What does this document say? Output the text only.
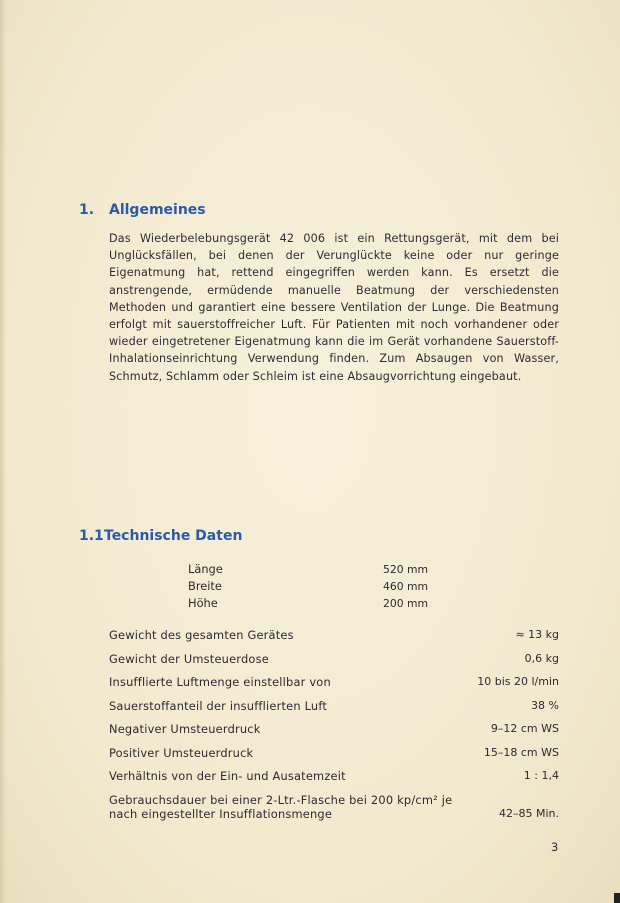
1. Allgemeines

Das Wiederbelebungsgerät 42 006 ist ein Rettungsgerät, mit dem bei Unglücksfällen, bei denen der Verunglückte keine oder nur geringe Eigenatmung hat, rettend eingegriffen werden kann. Es ersetzt die anstrengende, ermüdende manuelle Beatmung der verschiedensten Methoden und garantiert eine bessere Ventilation der Lunge. Die Beatmung erfolgt mit sauerstoffreicher Luft. Für Patienten mit noch vorhandener oder wieder eingetretener Eigenatmung kann die im Gerät vorhandene Sauerstoff-Inhalationseinrichtung Verwendung finden. Zum Absaugen von Wasser, Schmutz, Schlamm oder Schleim ist eine Absaugvorrichtung eingebaut.

1.1Technische Daten
Länge	520 mm
Breite	460 mm
Höhe	200 mm
Gewicht des gesamten Gerätes	≈ 13 kg
Gewicht der Umsteuerdose	0,6 kg
Insufflierte Luftmenge einstellbar von	10 bis 20 l/min
Sauerstoffanteil der insufflierten Luft	38 %
Negativer Umsteuerdruck	9–12 cm WS
Positiver Umsteuerdruck	15–18 cm WS
Verhältnis von der Ein- und Ausatemzeit	1 : 1,4
Gebrauchsdauer bei einer 2-Ltr.-Flasche bei 200 kp/cm² je nach eingestellter Insufflationsmenge	42–85 Min.

3
